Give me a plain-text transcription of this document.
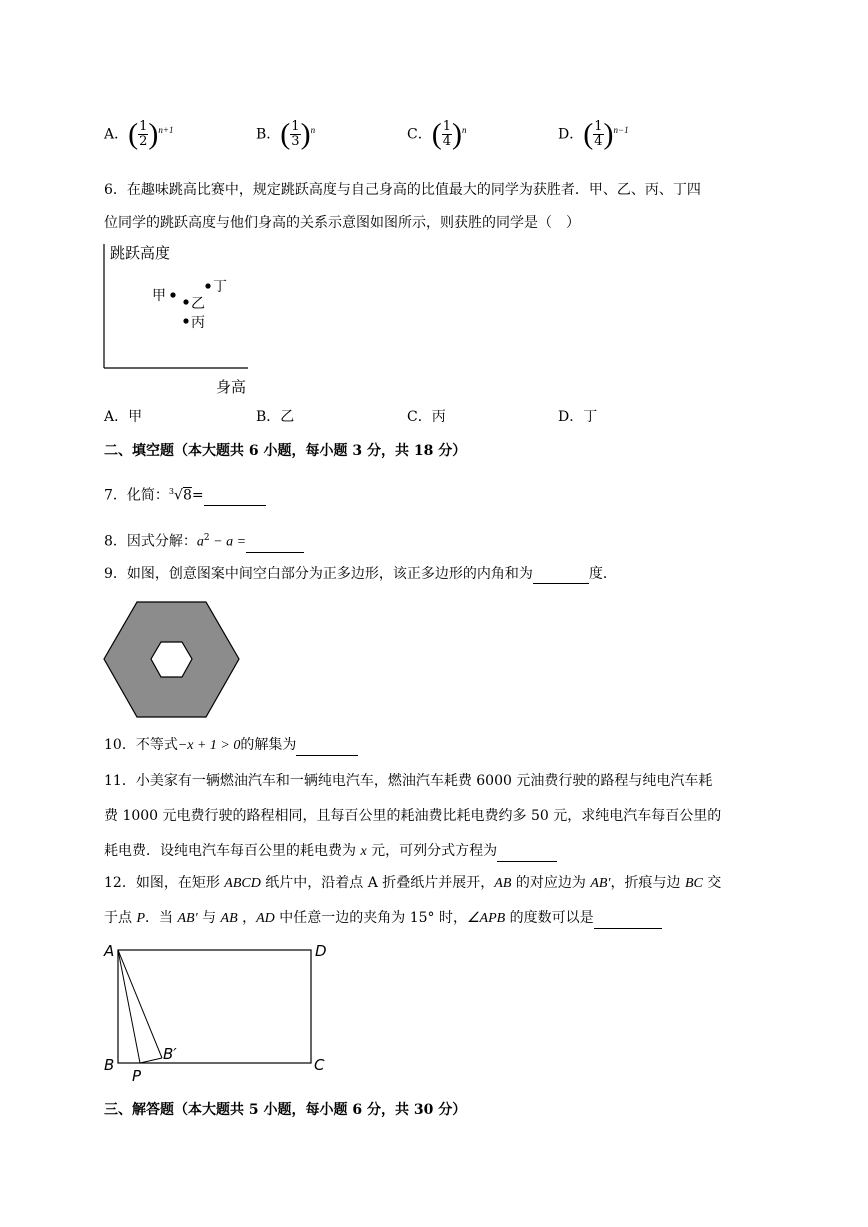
A．( $\frac{1}{2} )^{n+1}$	B．( $\frac{1}{3} )^n$	C．( $\frac{1}{4} )^n$	D．( $\frac{1}{4} )^{n-1}$
6．在趣味跳高比赛中，规定跳跃高度与自己身高的比值最大的同学为获胜者．甲、乙、丙、丁四
位同学的跳跃高度与他们身高的关系示意图如图所示，则获胜的同学是（　）
跳跃高度
身高
甲 乙
丙
丁
A．甲	B．乙	C．丙	D．丁
二、填空题（本大题共 6 小题，每小题 3 分，共 18 分）
7．化简：$^3$√8=
8．因式分解：$a^2 - a$ =
9．如图，创意图案中间空白部分为正多边形，该正多边形的内角和为	度．
10．不等式−x + 1 > 0的解集为
11．小美家有一辆燃油汽车和一辆纯电汽车，燃油汽车耗费 6000 元油费行驶的路程与纯电汽车耗
费 1000 元电费行驶的路程相同，且每百公里的耗油费比耗电费约多 50 元，求纯电汽车每百公里的
耗电费．设纯电汽车每百公里的耗电费为 x 元，可列分式方程为
12．如图，在矩形 ABCD 纸片中，沿着点 A 折叠纸片并展开，AB 的对应边为 AB′，折痕与边 BC 交
于点 P．当 AB′ 与 AB ，AD 中任意一边的夹角为 15° 时，∠APB 的度数可以是
A	D
B	C
B′
P
三、解答题（本大题共 5 小题，每小题 6 分，共 30 分）
